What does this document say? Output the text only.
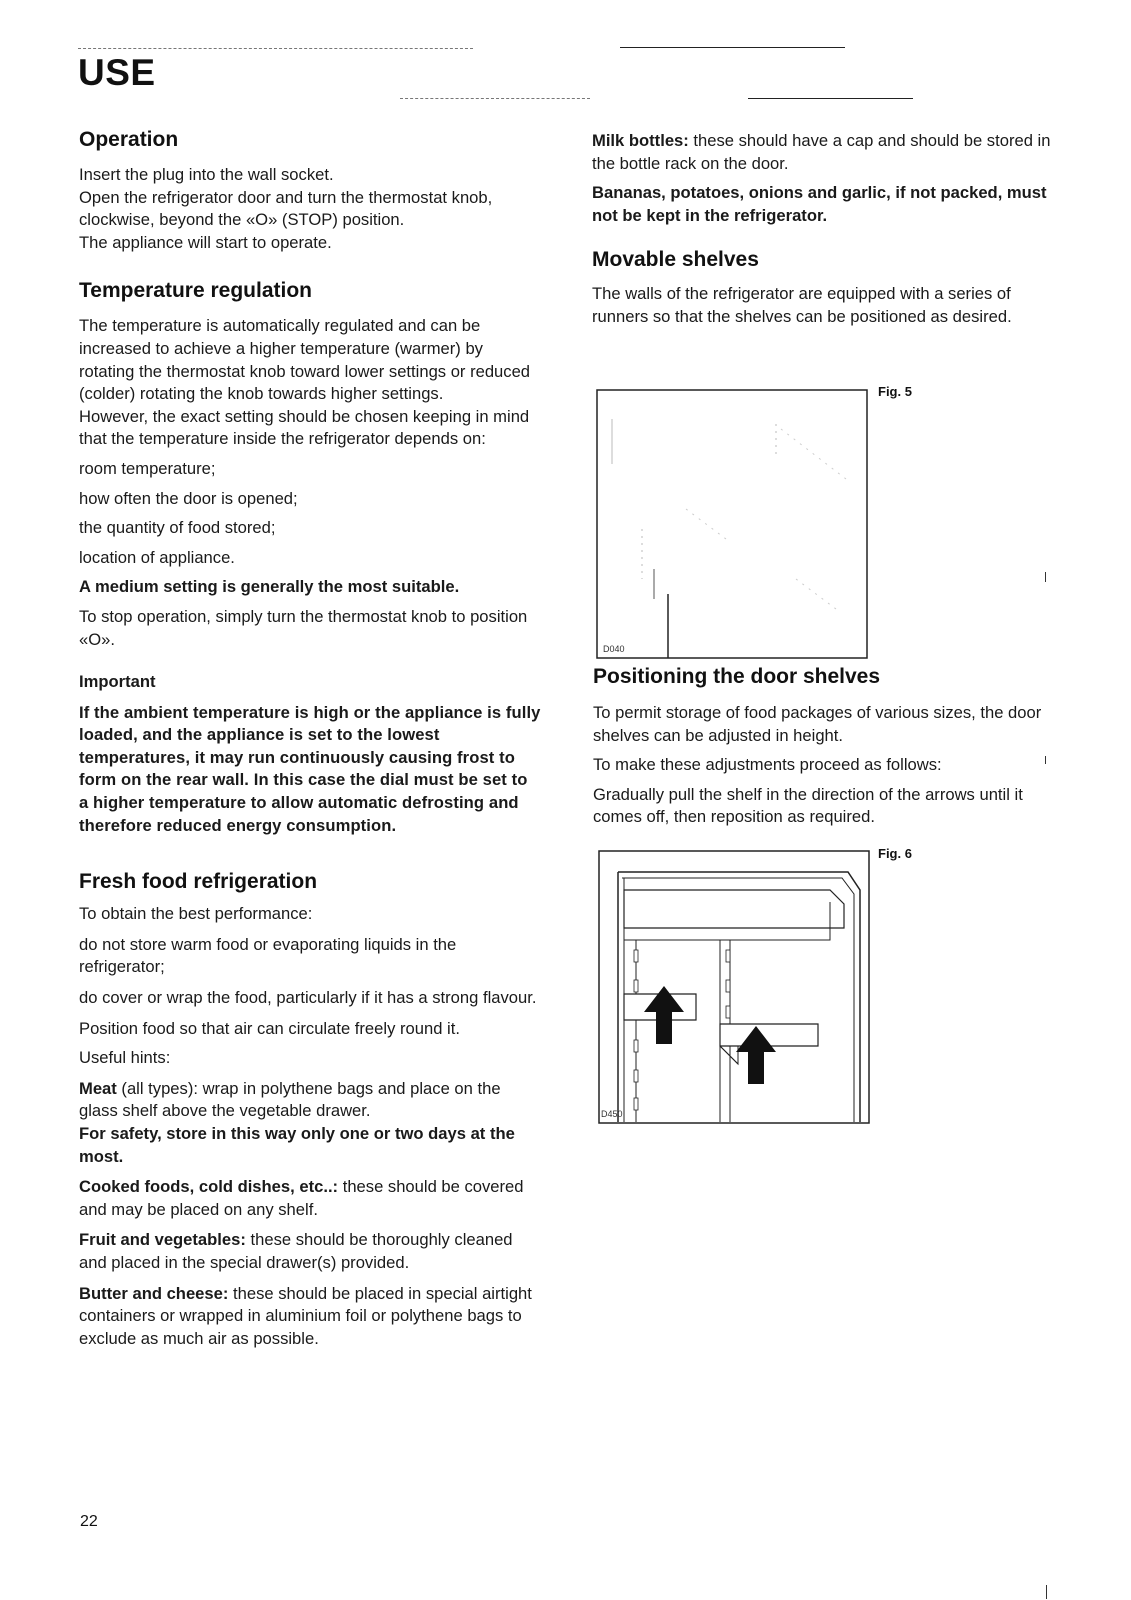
USE
Operation

Insert the plug into the wall socket.

Open the refrigerator door and turn the thermostat knob, clockwise, beyond the «O» (STOP) position.

The appliance will start to operate.

Temperature regulation

The temperature is automatically regulated and can be increased to achieve a higher temperature (warmer) by rotating the thermostat knob toward lower settings or reduced (colder) rotating the knob towards higher settings.

However, the exact setting should be chosen keeping in mind that the temperature inside the refrigerator depends on:

room temperature;

how often the door is opened;

the quantity of food stored;

location of appliance.

A medium setting is generally the most suitable.

To stop operation, simply turn the thermostat knob to position «O».

Important

If the ambient temperature is high or the appliance is fully loaded, and the appliance is set to the lowest temperatures, it may run continuously causing frost to form on the rear wall. In this case the dial must be set to a higher temperature to allow automatic defrosting and therefore reduced energy consumption.

Fresh food refrigeration

To obtain the best performance:

do not store warm food or evaporating liquids in the refrigerator;

do cover or wrap the food, particularly if it has a strong flavour.

Position food so that air can circulate freely round it.

Useful hints:

Meat (all types): wrap in polythene bags and place on the glass shelf above the vegetable drawer.

For safety, store in this way only one or two days at the most.

Cooked foods, cold dishes, etc..: these should be covered and may be placed on any shelf.

Fruit and vegetables: these should be thoroughly cleaned and placed in the special drawer(s) provided.

Butter and cheese: these should be placed in special airtight containers or wrapped in aluminium foil or polythene bags to exclude as much air as possible.

Milk bottles: these should have a cap and should be stored in the bottle rack on the door.

Bananas, potatoes, onions and garlic, if not packed, must not be kept in the refrigerator.

Movable shelves

The walls of the refrigerator are equipped with a series of runners so that the shelves can be positioned as desired.

D040
Fig. 5
Positioning the door shelves

To permit storage of food packages of various sizes, the door shelves can be adjusted in height.

To make these adjustments proceed as follows:

Gradually pull the shelf in the direction of the arrows until it comes off, then reposition as required.

D450
Fig. 6
22
